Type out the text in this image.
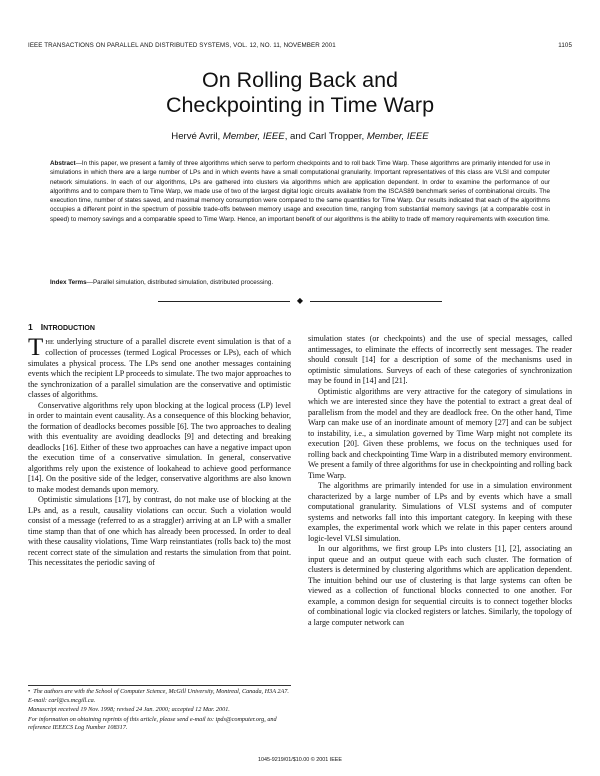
IEEE TRANSACTIONS ON PARALLEL AND DISTRIBUTED SYSTEMS, VOL. 12, NO. 11, NOVEMBER 2001	1105
On Rolling Back and
Checkpointing in Time Warp
Hervé Avril, Member, IEEE, and Carl Tropper, Member, IEEE
Abstract—In this paper, we present a family of three algorithms which serve to perform checkpoints and to roll back Time Warp. These algorithms are primarily intended for use in simulations in which there are a large number of LPs and in which events have a small computational granularity. Important representatives of this class are VLSI and computer network simulations. In each of our algorithms, LPs are gathered into clusters via algorithms which are application dependent. In order to examine the performance of our algorithms and to compare them to Time Warp, we made use of two of the largest digital logic circuits available from the ISCAS89 benchmark series of combinational circuits. The execution time, number of states saved, and maximal memory consumption were compared to the same quantities for Time Warp. Our results indicated that each of the algorithms occupies a different point in the spectrum of possible trade-offs between memory usage and execution time, ranging from substantial memory savings (at a comparable cost in speed) to memory savings and a comparable speed to Time Warp. Hence, an important benefit of our algorithms is the ability to trade off memory requirements with execution time.
Index Terms—Parallel simulation, distributed simulation, distributed processing.
◆
1 INTRODUCTION

THE underlying structure of a parallel discrete event simulation is that of a collection of processes (termed Logical Processes or LPs), each of which simulates a physical process. The LPs send one another messages containing events which the recipient LP proceeds to simulate. The two major approaches to the synchronization of a parallel simulation are the conservative and optimistic classes of algorithms.

Conservative algorithms rely upon blocking at the logical process (LP) level in order to maintain event causality. As a consequence of this blocking behavior, the formation of deadlocks becomes possible [6]. The two approaches to dealing with this eventuality are avoiding deadlocks [9] and detecting and breaking deadlocks [16]. Either of these two approaches can have a negative impact upon the execution time of a conservative simulation. In general, conservative algorithms rely upon the existence of lookahead to achieve good performance [14]. On the positive side of the ledger, conservative algorithms are also known to make modest demands upon memory.

Optimistic simulations [17], by contrast, do not make use of blocking at the LPs and, as a result, causality violations can occur. Such a violation would consist of a message (referred to as a straggler) arriving at an LP with a smaller time stamp than that of one which has already been processed. In order to deal with these causality violations, Time Warp reinstantiates (rolls back to) the most recent correct state of the simulation and restarts the simulation from that point. This necessitates the periodic saving of

simulation states (or checkpoints) and the use of special messages, called antimessages, to eliminate the effects of incorrectly sent messages. The reader should consult [14] for a description of some of the mechanisms used in optimistic simulations. Surveys of each of these categories of synchronization may be found in [14] and [21].

Optimistic algorithms are very attractive for the category of simulations in which we are interested since they have the potential to extract a great deal of parallelism from the model and they are deadlock free. On the other hand, Time Warp can make use of an inordinate amount of memory [27] and can be subject to instability, i.e., a simulation governed by Time Warp might not complete its execution [20]. Given these problems, we focus on the techniques used for rolling back and checkpointing Time Warp in a distributed memory environment. We present a family of three algorithms for use in checkpointing and rolling back Time Warp.

The algorithms are primarily intended for use in a simulation environment characterized by a large number of LPs and by events which have a small computational granularity. Simulations of VLSI systems and of computer systems and networks fall into this important category. In keeping with these examples, the experimental work which we relate in this paper centers around logic-level VLSI simulation.

In our algorithms, we first group LPs into clusters [1], [2], associating an input queue and an output queue with each such cluster. The formation of clusters is determined by clustering algorithms which are application dependent. The intuition behind our use of clustering is that large systems can often be viewed as a collection of functional blocks connected to one another. For example, a common design for sequential circuits is to connect together blocks of combinational logic via clocked registers or latches. Similarly, the topology of a large computer network can

• The authors are with the School of Computer Science, McGill University, Montreal, Canada, H3A 2A7. E-mail: carl@cs.mcgill.ca.

Manuscript received 19 Nov. 1998; revised 24 Jan. 2000; accepted 12 Mar. 2001.

For information on obtaining reprints of this article, please send e-mail to: tpds@computer.org, and reference IEEECS Log Number 108317.

1045-9219/01/$10.00 © 2001 IEEE
